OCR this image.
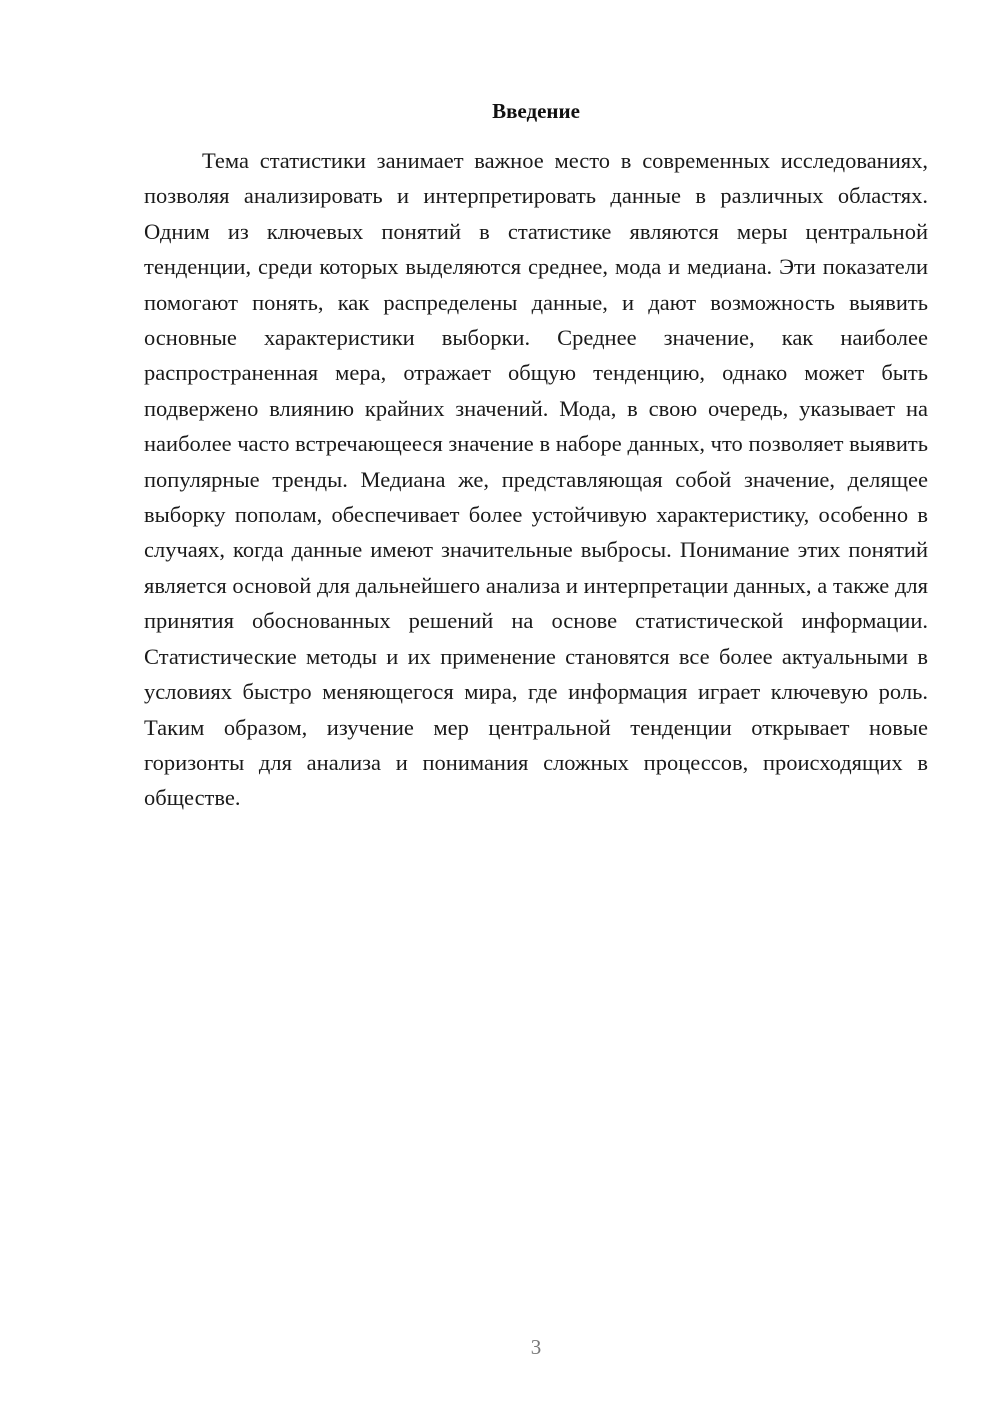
Введение

Тема статистики занимает важное место в современных исследованиях, позволяя анализировать и интерпретировать данные в различных областях. Одним из ключевых понятий в статистике являются меры центральной тенденции, среди которых выделяются среднее, мода и медиана. Эти показатели помогают понять, как распределены данные, и дают возможность выявить основные характеристики выборки. Среднее значение, как наиболее распространенная мера, отражает общую тенденцию, однако может быть подвержено влиянию крайних значений. Мода, в свою очередь, указывает на наиболее часто встречающееся значение в наборе данных, что позволяет выявить популярные тренды. Медиана же, представляющая собой значение, делящее выборку пополам, обеспечивает более устойчивую характеристику, особенно в случаях, когда данные имеют значительные выбросы. Понимание этих понятий является основой для дальнейшего анализа и интерпретации данных, а также для принятия обоснованных решений на основе статистической информации. Статистические методы и их применение становятся все более актуальными в условиях быстро меняющегося мира, где информация играет ключевую роль. Таким образом, изучение мер центральной тенденции открывает новые горизонты для анализа и понимания сложных процессов, происходящих в обществе.

3
